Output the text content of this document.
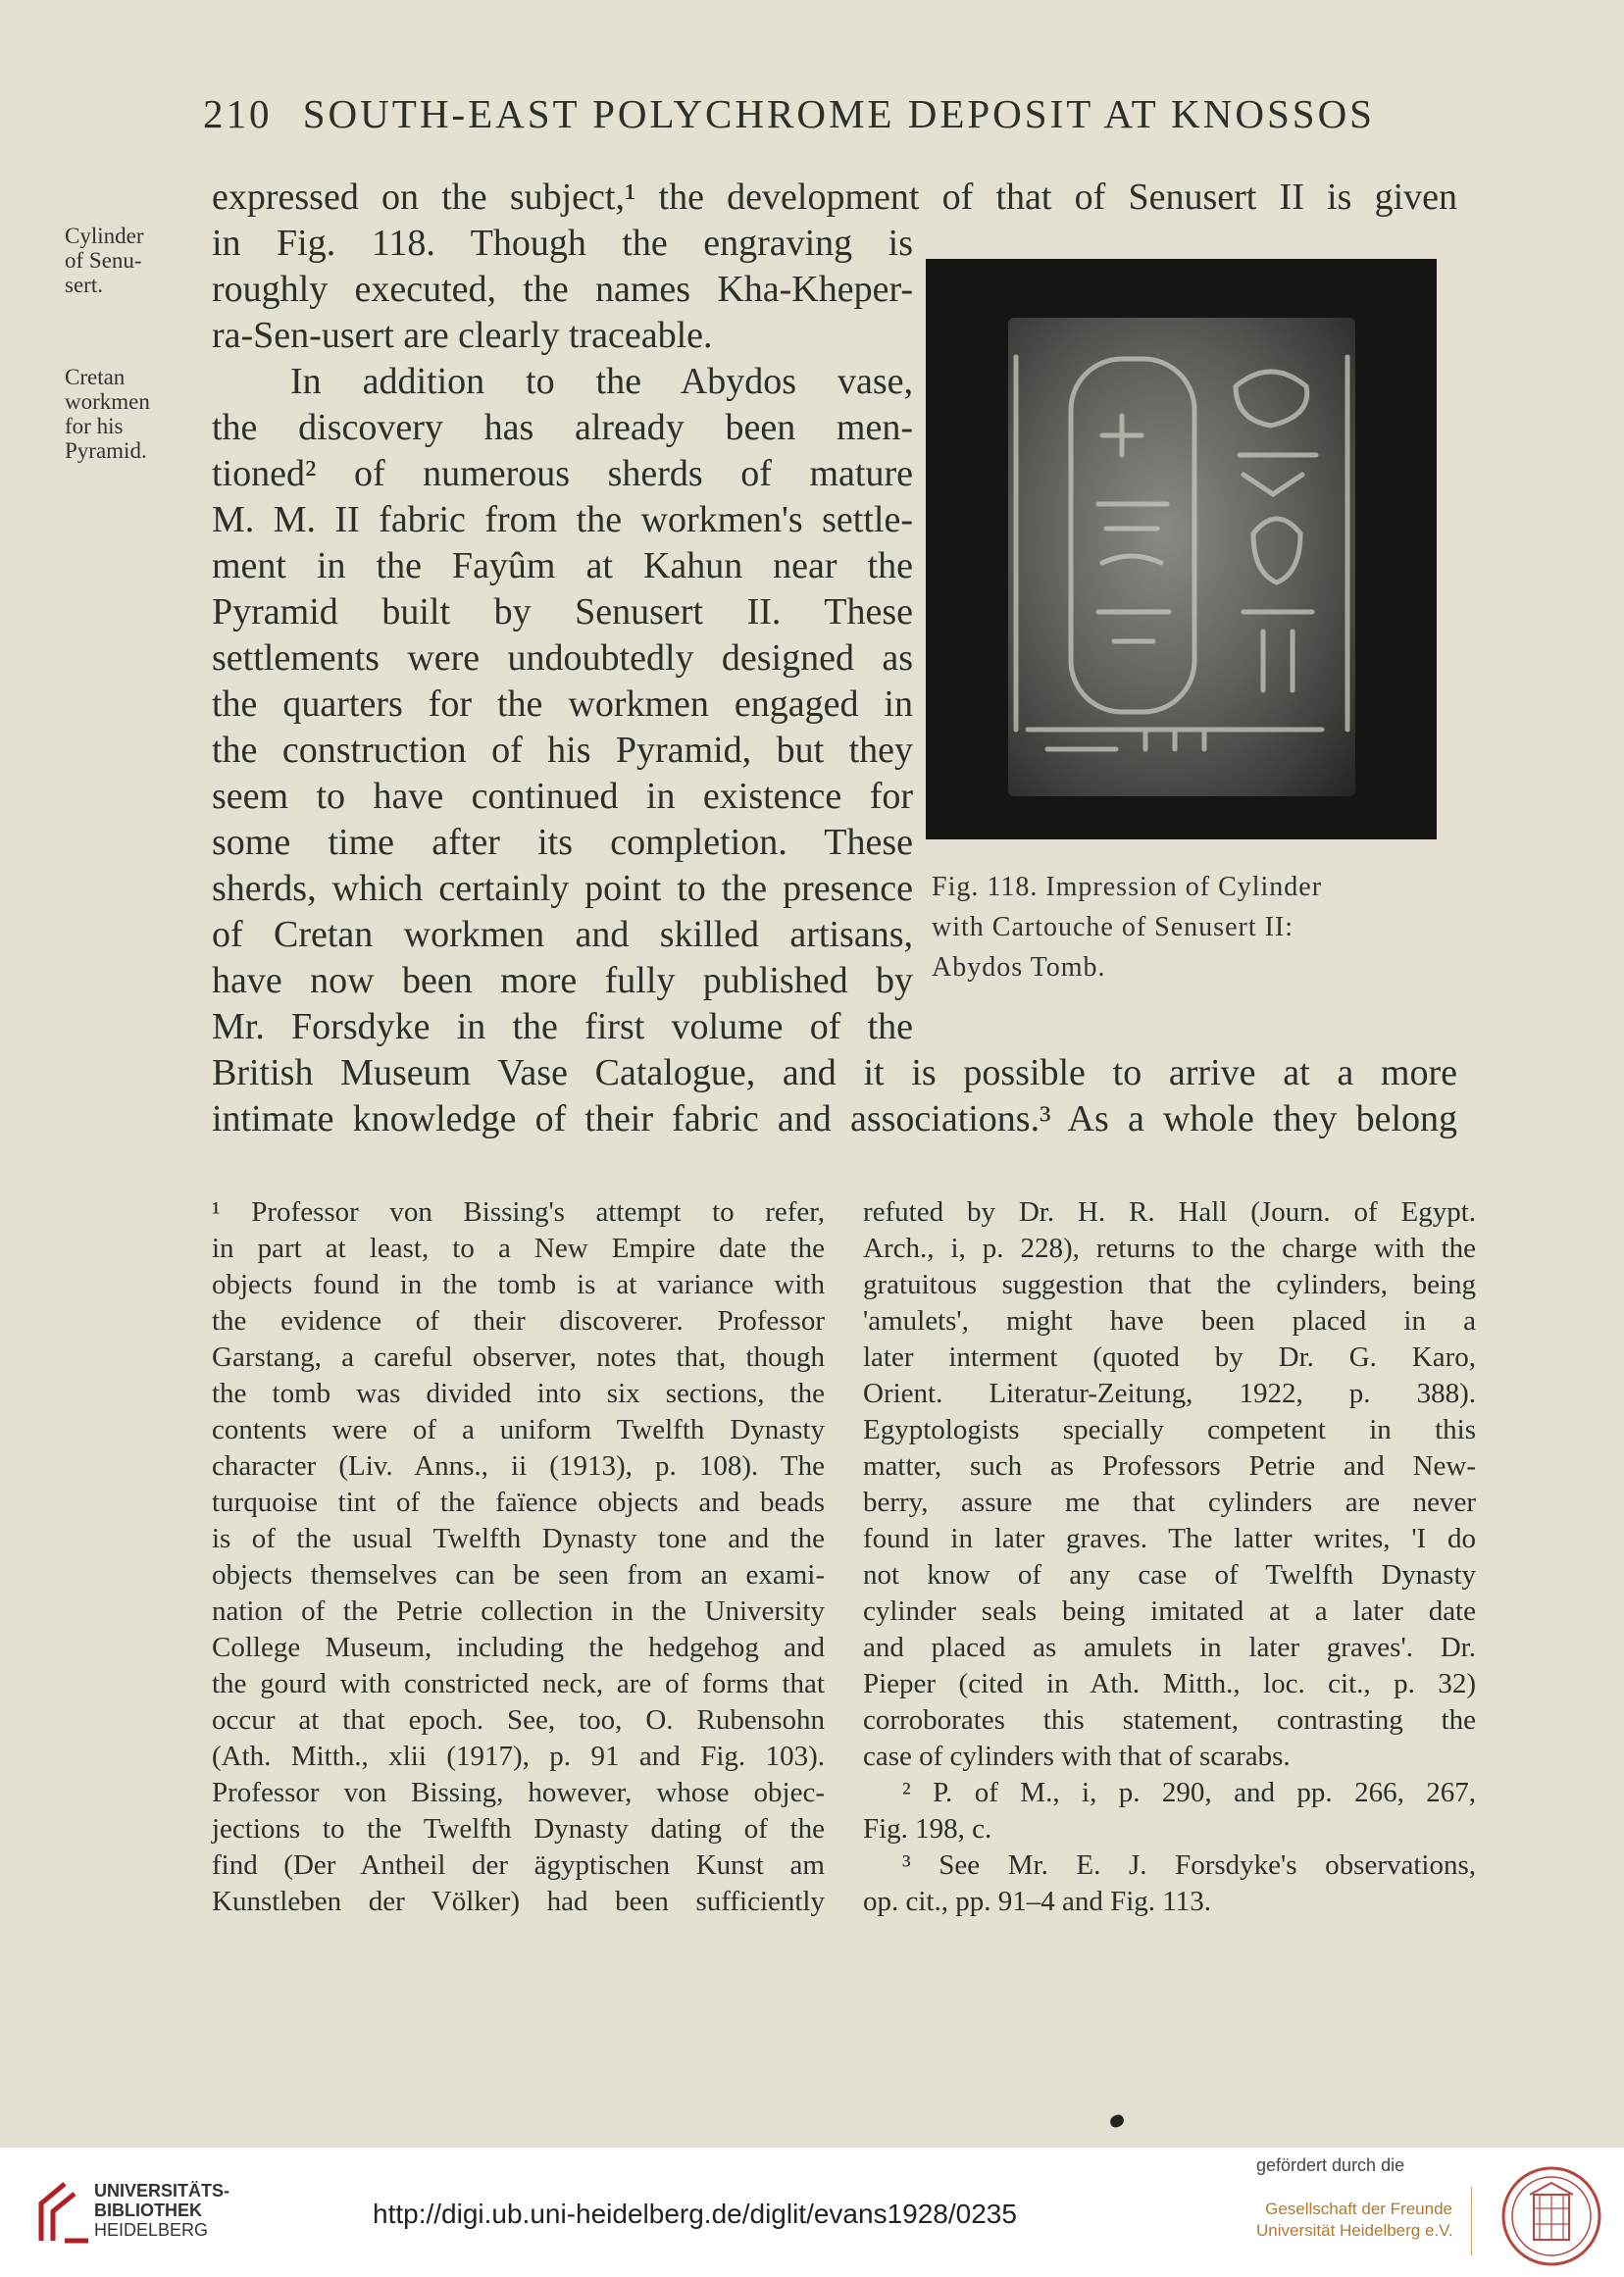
210 SOUTH-EAST POLYCHROME DEPOSIT AT KNOSSOS
Cylinder
of Senu-
sert.
Cretan
workmen
for his
Pyramid.
expressed on the subject,¹ the development of that of Senusert II is given
in Fig. 118. Though the engraving is
roughly executed, the names Kha-Kheper-
ra-Sen-usert are clearly traceable.
In addition to the Abydos vase,
the discovery has already been men-
tioned² of numerous sherds of mature
M. M. II fabric from the workmen's settle-
ment in the Fayûm at Kahun near the
Pyramid built by Senusert II. These
settlements were undoubtedly designed as
the quarters for the workmen engaged in
the construction of his Pyramid, but they
seem to have continued in existence for
some time after its completion. These
sherds, which certainly point to the presence
of Cretan workmen and skilled artisans,
have now been more fully published by
Mr. Forsdyke in the first volume of the
British Museum Vase Catalogue, and it is possible to arrive at a more
intimate knowledge of their fabric and associations.³ As a whole they belong
Fig. 118. Impression of Cylinder
with Cartouche of Senusert II:
Abydos Tomb.
¹ Professor von Bissing's attempt to refer,
in part at least, to a New Empire date the
objects found in the tomb is at variance with
the evidence of their discoverer. Professor
Garstang, a careful observer, notes that, though
the tomb was divided into six sections, the
contents were of a uniform Twelfth Dynasty
character (Liv. Anns., ii (1913), p. 108). The
turquoise tint of the faïence objects and beads
is of the usual Twelfth Dynasty tone and the
objects themselves can be seen from an exami-
nation of the Petrie collection in the University
College Museum, including the hedgehog and
the gourd with constricted neck, are of forms that
occur at that epoch. See, too, O. Rubensohn
(Ath. Mitth., xlii (1917), p. 91 and Fig. 103).
Professor von Bissing, however, whose objec-
jections to the Twelfth Dynasty dating of the
find (Der Antheil der ägyptischen Kunst am
Kunstleben der Völker) had been sufficiently
refuted by Dr. H. R. Hall (Journ. of Egypt.
Arch., i, p. 228), returns to the charge with the
gratuitous suggestion that the cylinders, being
'amulets', might have been placed in a
later interment (quoted by Dr. G. Karo,
Orient. Literatur-Zeitung, 1922, p. 388).
Egyptologists specially competent in this
matter, such as Professors Petrie and New-
berry, assure me that cylinders are never
found in later graves. The latter writes, 'I do
not know of any case of Twelfth Dynasty
cylinder seals being imitated at a later date
and placed as amulets in later graves'. Dr.
Pieper (cited in Ath. Mitth., loc. cit., p. 32)
corroborates this statement, contrasting the
case of cylinders with that of scarabs.
² P. of M., i, p. 290, and pp. 266, 267,
Fig. 198, c.
³ See Mr. E. J. Forsdyke's observations,
op. cit., pp. 91–4 and Fig. 113.
UNIVERSITÄTS-
BIBLIOTHEK
HEIDELBERG
http://digi.ub.uni-heidelberg.de/diglit/evans1928/0235
gefördert durch die
Gesellschaft der Freunde
Universität Heidelberg e.V.
